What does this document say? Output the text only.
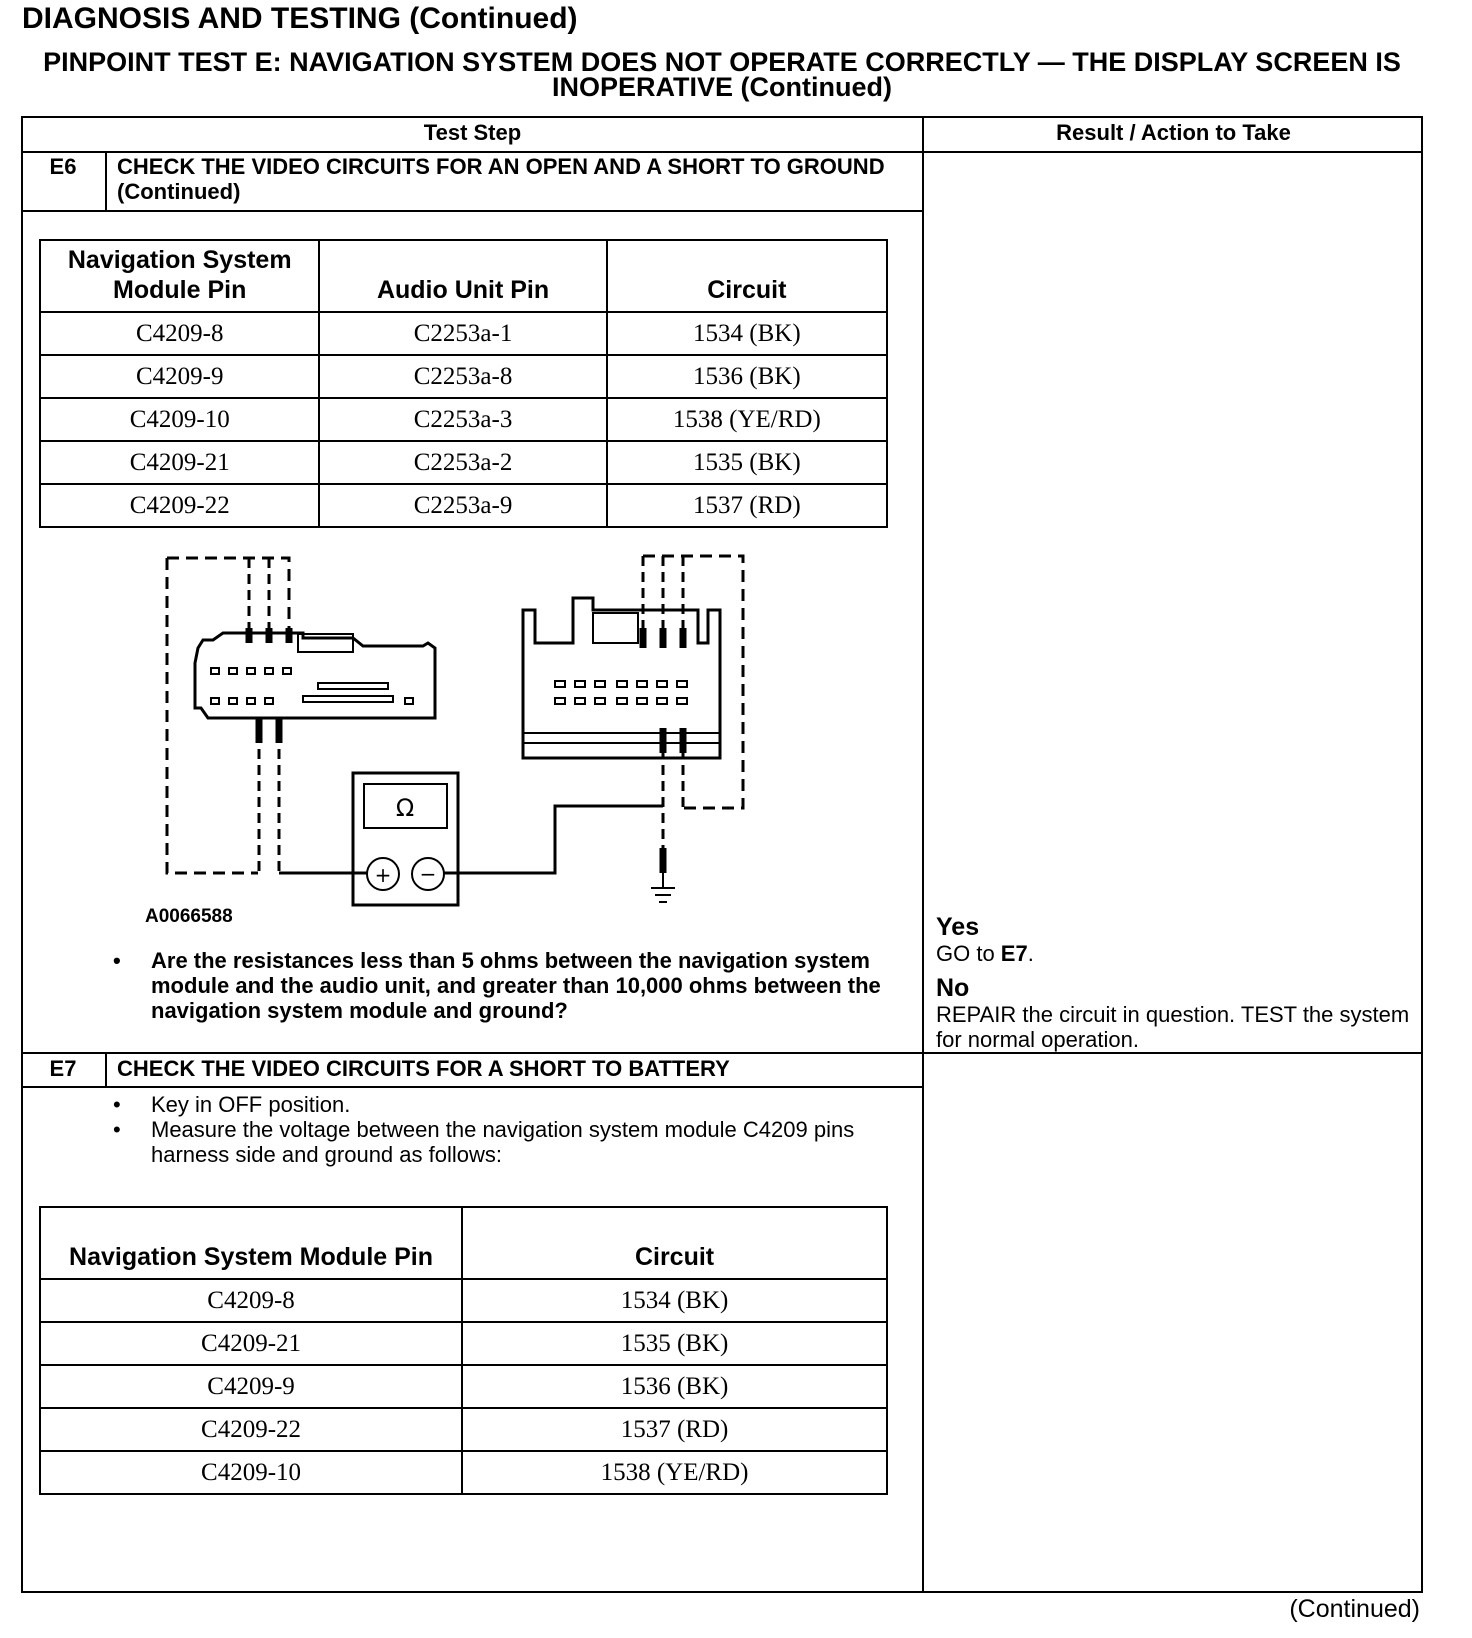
DIAGNOSIS AND TESTING (Continued)
PINPOINT TEST E: NAVIGATION SYSTEM DOES NOT OPERATE CORRECTLY — THE DISPLAY SCREEN IS INOPERATIVE (Continued)
Test Step	Result / Action to Take
E6	CHECK THE VIDEO CIRCUITS FOR AN OPEN AND A SHORT TO GROUND (Continued)
Navigation System Module Pin	Audio Unit Pin	Circuit
C4209-8	C2253a-1	1534 (BK)
C4209-9	C2253a-8	1536 (BK)
C4209-10	C2253a-3	1538 (YE/RD)
C4209-21	C2253a-2	1535 (BK)
C4209-22	C2253a-9	1537 (RD)
Ω
+ −
A0066588
•	Are the resistances less than 5 ohms between the navigation system module and the audio unit, and greater than 10,000 ohms between the navigation system module and ground?
Yes
GO to E7.
No
REPAIR the circuit in question. TEST the system for normal operation.
E7	CHECK THE VIDEO CIRCUITS FOR A SHORT TO BATTERY
•	Key in OFF position.
•	Measure the voltage between the navigation system module C4209 pins harness side and ground as follows:
Navigation System Module Pin	Circuit
C4209-8	1534 (BK)
C4209-21	1535 (BK)
C4209-9	1536 (BK)
C4209-22	1537 (RD)
C4209-10	1538 (YE/RD)
(Continued)
